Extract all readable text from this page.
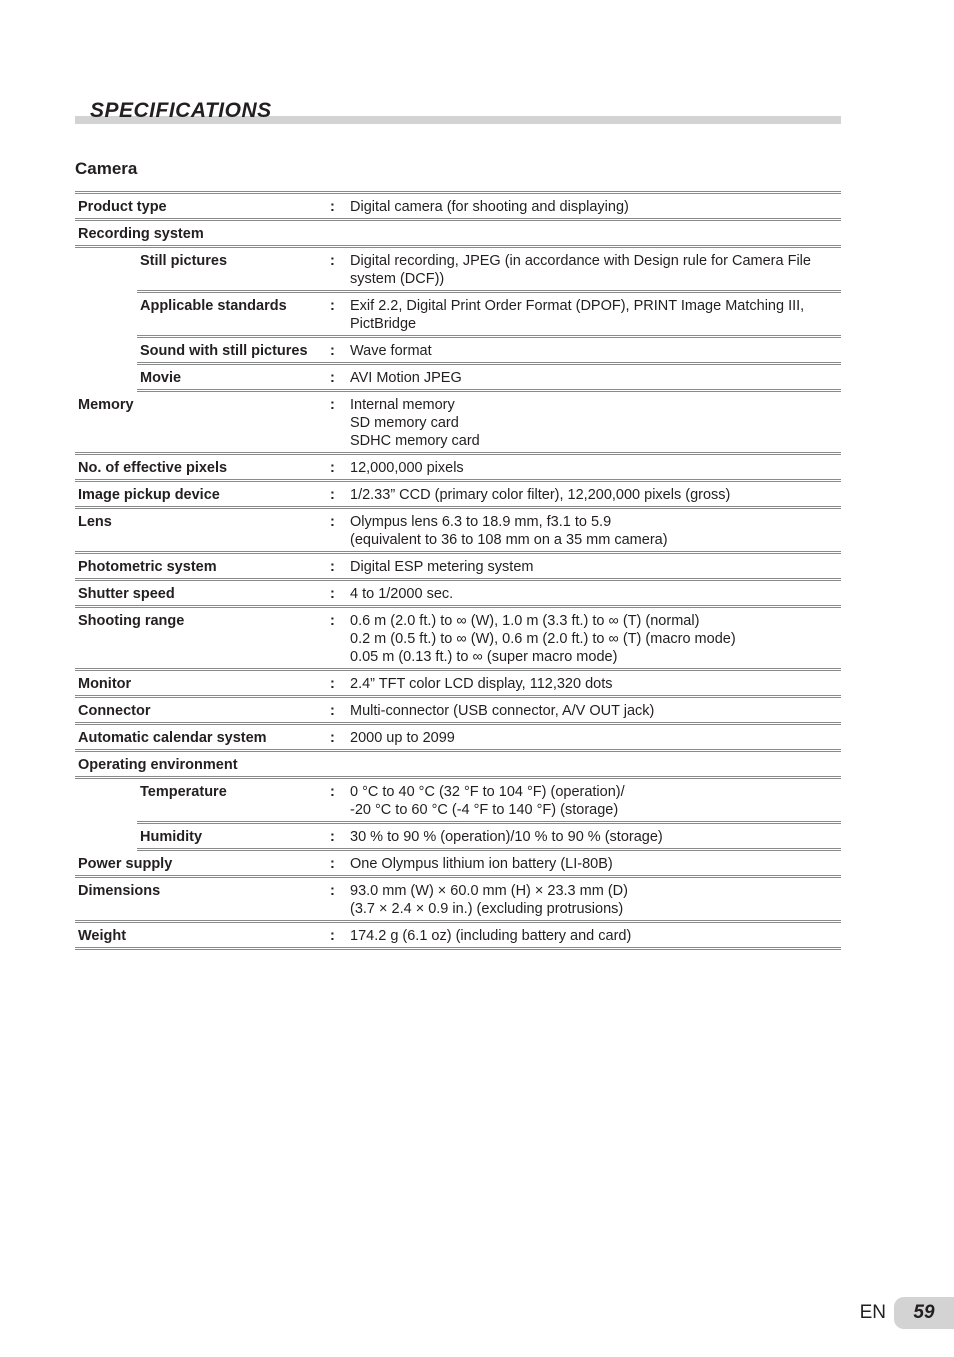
SPECIFICATIONS
Camera
Product type	:	Digital camera (for shooting and displaying)
Recording system
Still pictures	:	Digital recording, JPEG (in accordance with Design rule for Camera File system (DCF))
Applicable standards	:	Exif 2.2, Digital Print Order Format (DPOF), PRINT Image Matching III, PictBridge
Sound with still pictures	:	Wave format
Movie	:	AVI Motion JPEG
Memory	:	Internal memory
SD memory card
SDHC memory card
No. of effective pixels	:	12,000,000 pixels
Image pickup device	:	1/2.33” CCD (primary color filter), 12,200,000 pixels (gross)
Lens	:	Olympus lens 6.3 to 18.9 mm, f3.1 to 5.9
(equivalent to 36 to 108 mm on a 35 mm camera)
Photometric system	:	Digital ESP metering system
Shutter speed	:	4 to 1/2000 sec.
Shooting range	:	0.6 m (2.0 ft.) to ∞ (W), 1.0 m (3.3 ft.) to ∞ (T) (normal)
0.2 m (0.5 ft.) to ∞ (W), 0.6 m (2.0 ft.) to ∞ (T) (macro mode)
0.05 m (0.13 ft.) to ∞ (super macro mode)
Monitor	:	2.4” TFT color LCD display, 112,320 dots
Connector	:	Multi-connector (USB connector, A/V OUT jack)
Automatic calendar system	:	2000 up to 2099
Operating environment
Temperature	:	0 °C to 40 °C (32 °F to 104 °F) (operation)/
-20 °C to 60 °C (-4 °F to 140 °F) (storage)
Humidity	:	30 % to 90 % (operation)/10 % to 90 % (storage)
Power supply	:	One Olympus lithium ion battery (LI-80B)
Dimensions	:	93.0 mm (W) × 60.0 mm (H) × 23.3 mm (D)
(3.7 × 2.4 × 0.9 in.) (excluding protrusions)
Weight	:	174.2 g (6.1 oz) (including battery and card)
EN	59
